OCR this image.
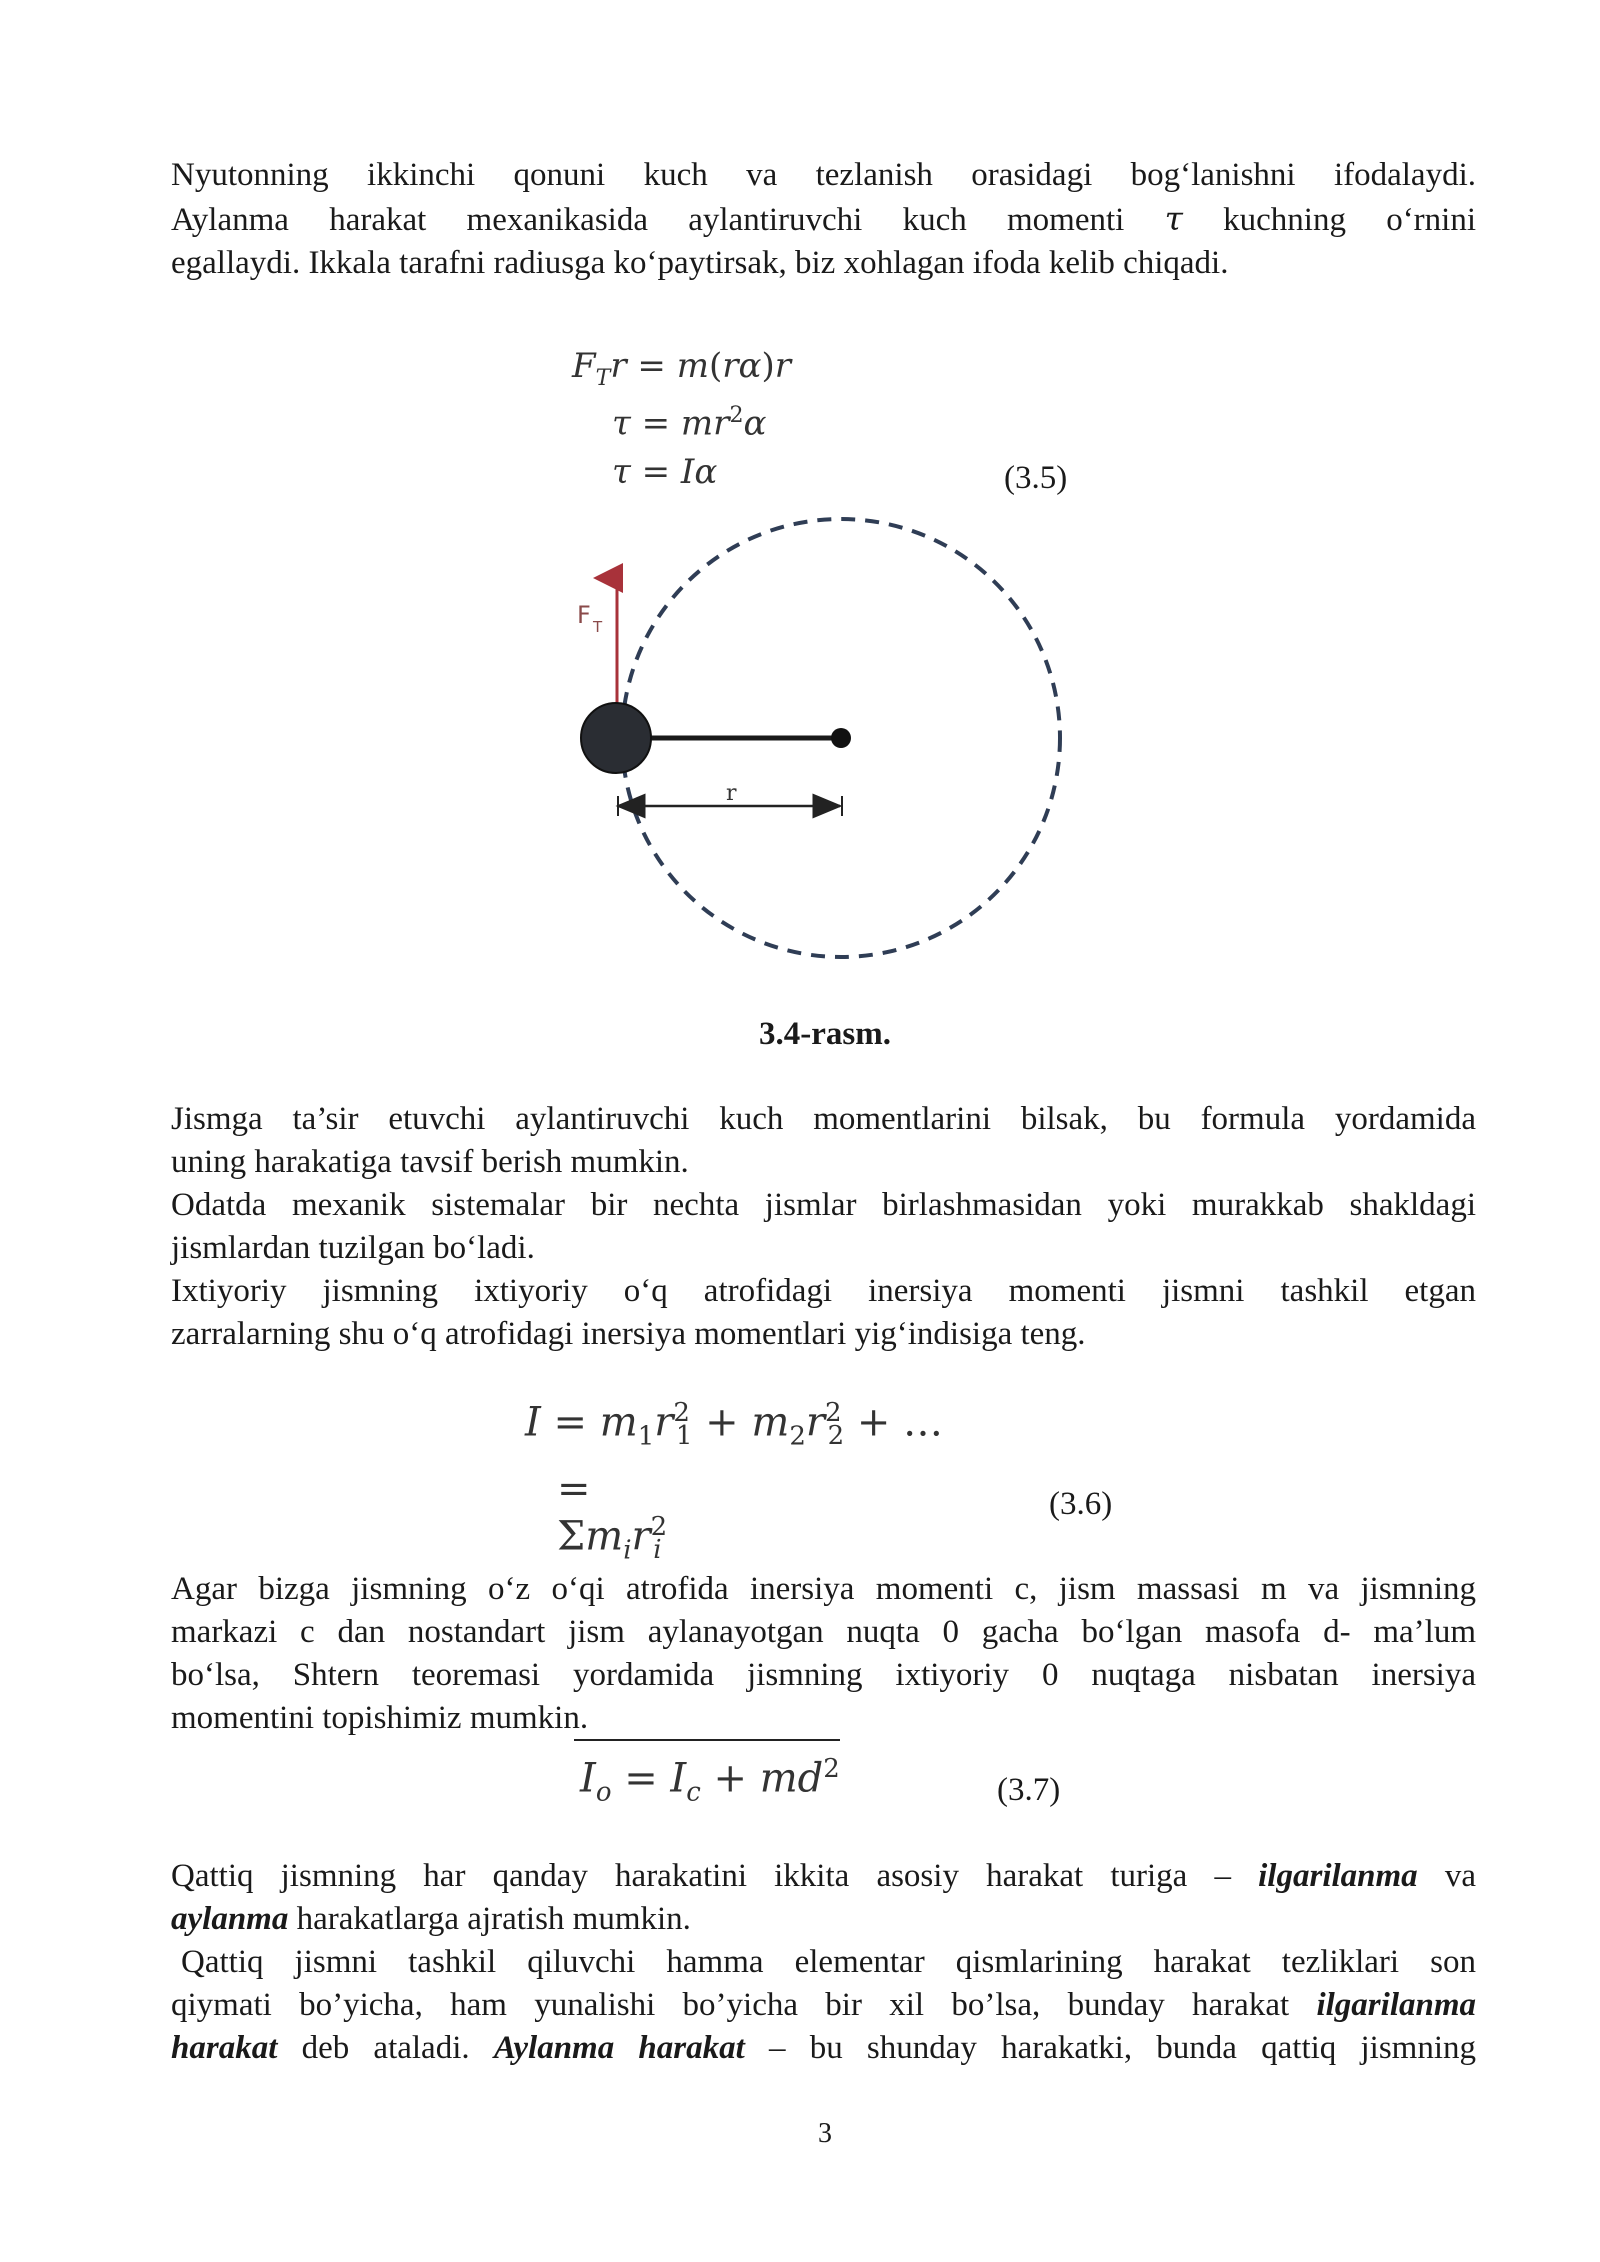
Nyutonning ikkinchi qonuni kuch va tezlanish orasidagi bog‘lanishni ifodalaydi.
Aylanma harakat mexanikasida aylantiruvchi kuch momenti τ kuchning o‘rnini
egallaydi. Ikkala tarafni radiusga ko‘paytirsak, biz xohlagan ifoda kelib chiqadi.
$F_Tr = m(r\alpha)r$
$\tau = mr^2\alpha$
τ = Iα	(3.5)
F T
r
3.4-rasm.
Jismga ta’sir etuvchi aylantiruvchi kuch momentlarini bilsak, bu formula yordamida
uning harakatiga tavsif berish mumkin.
Odatda mexanik sistemalar bir nechta jismlar birlashmasidan yoki murakkab shakldagi
jismlardan tuzilgan bo‘ladi.
Ixtiyoriy jismning ixtiyoriy o‘q atrofidagi inersiya momenti jismni tashkil etgan
zarralarning shu o‘q atrofidagi inersiya momentlari yig‘indisiga teng.
$I = m_1r^2_1 + m_2r^2_2$ + …
= $\Sigma m_ir^2_i$
(3.6)
Agar bizga jismning o‘z o‘qi atrofida inersiya momenti c, jism massasi m va jismning
markazi c dan nostandart jism aylanayotgan nuqta 0 gacha bo‘lgan masofa d- ma’lum
bo‘lsa, Shtern teoremasi yordamida jismning ixtiyoriy 0 nuqtaga nisbatan inersiya
momentini topishimiz mumkin.
$I_o = I_c + md^2$
(3.7)
Qattiq jismning har qanday harakatini ikkita asosiy harakat turiga – ilgarilanma va
aylanma harakatlarga ajratish mumkin.
Qattiq jismni tashkil qiluvchi hamma elementar qismlarining harakat tezliklari son
qiymati bo’yicha, ham yunalishi bo’yicha bir xil bo’lsa, bunday harakat ilgarilanma
harakat deb ataladi. Aylanma harakat – bu shunday harakatki, bunda qattiq jismning
3
